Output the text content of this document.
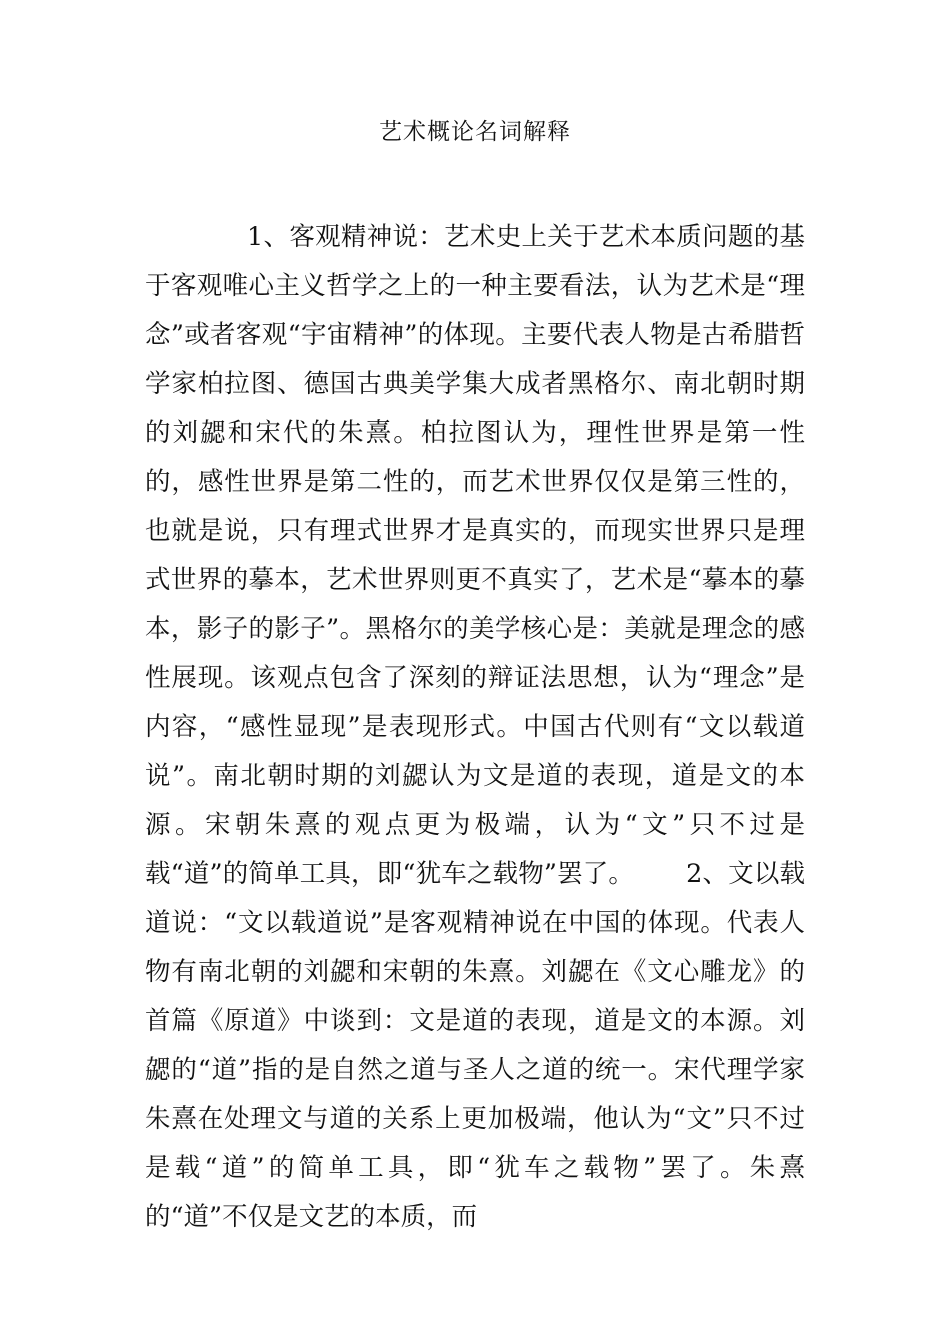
艺术概论名词解释

1、客观精神说：艺术史上关于艺术本质问题的基于客观唯心主义哲学之上的一种主要看法，认为艺术是“理念”或者客观“宇宙精神”的体现。主要代表人物是古希腊哲学家柏拉图、德国古典美学集大成者黑格尔、南北朝时期的刘勰和宋代的朱熹。柏拉图认为，理性世界是第一性的，感性世界是第二性的，而艺术世界仅仅是第三性的，也就是说，只有理式世界才是真实的，而现实世界只是理式世界的摹本，艺术世界则更不真实了，艺术是“摹本的摹本，影子的影子”。黑格尔的美学核心是：美就是理念的感性展现。该观点包含了深刻的辩证法思想，认为“理念”是内容，“感性显现”是表现形式。中国古代则有“文以载道说”。南北朝时期的刘勰认为文是道的表现，道是文的本源。宋朝朱熹的观点更为极端，认为“文”只不过是载“道”的简单工具，即“犹车之载物”罢了。 2、文以载道说：“文以载道说”是客观精神说在中国的体现。代表人物有南北朝的刘勰和宋朝的朱熹。刘勰在《文心雕龙》的首篇《原道》中谈到：文是道的表现，道是文的本源。刘勰的“道”指的是自然之道与圣人之道的统一。宋代理学家朱熹在处理文与道的关系上更加极端，他认为“文”只不过是载“道”的简单工具，即“犹车之载物”罢了。朱熹的“道”不仅是文艺的本质，而
